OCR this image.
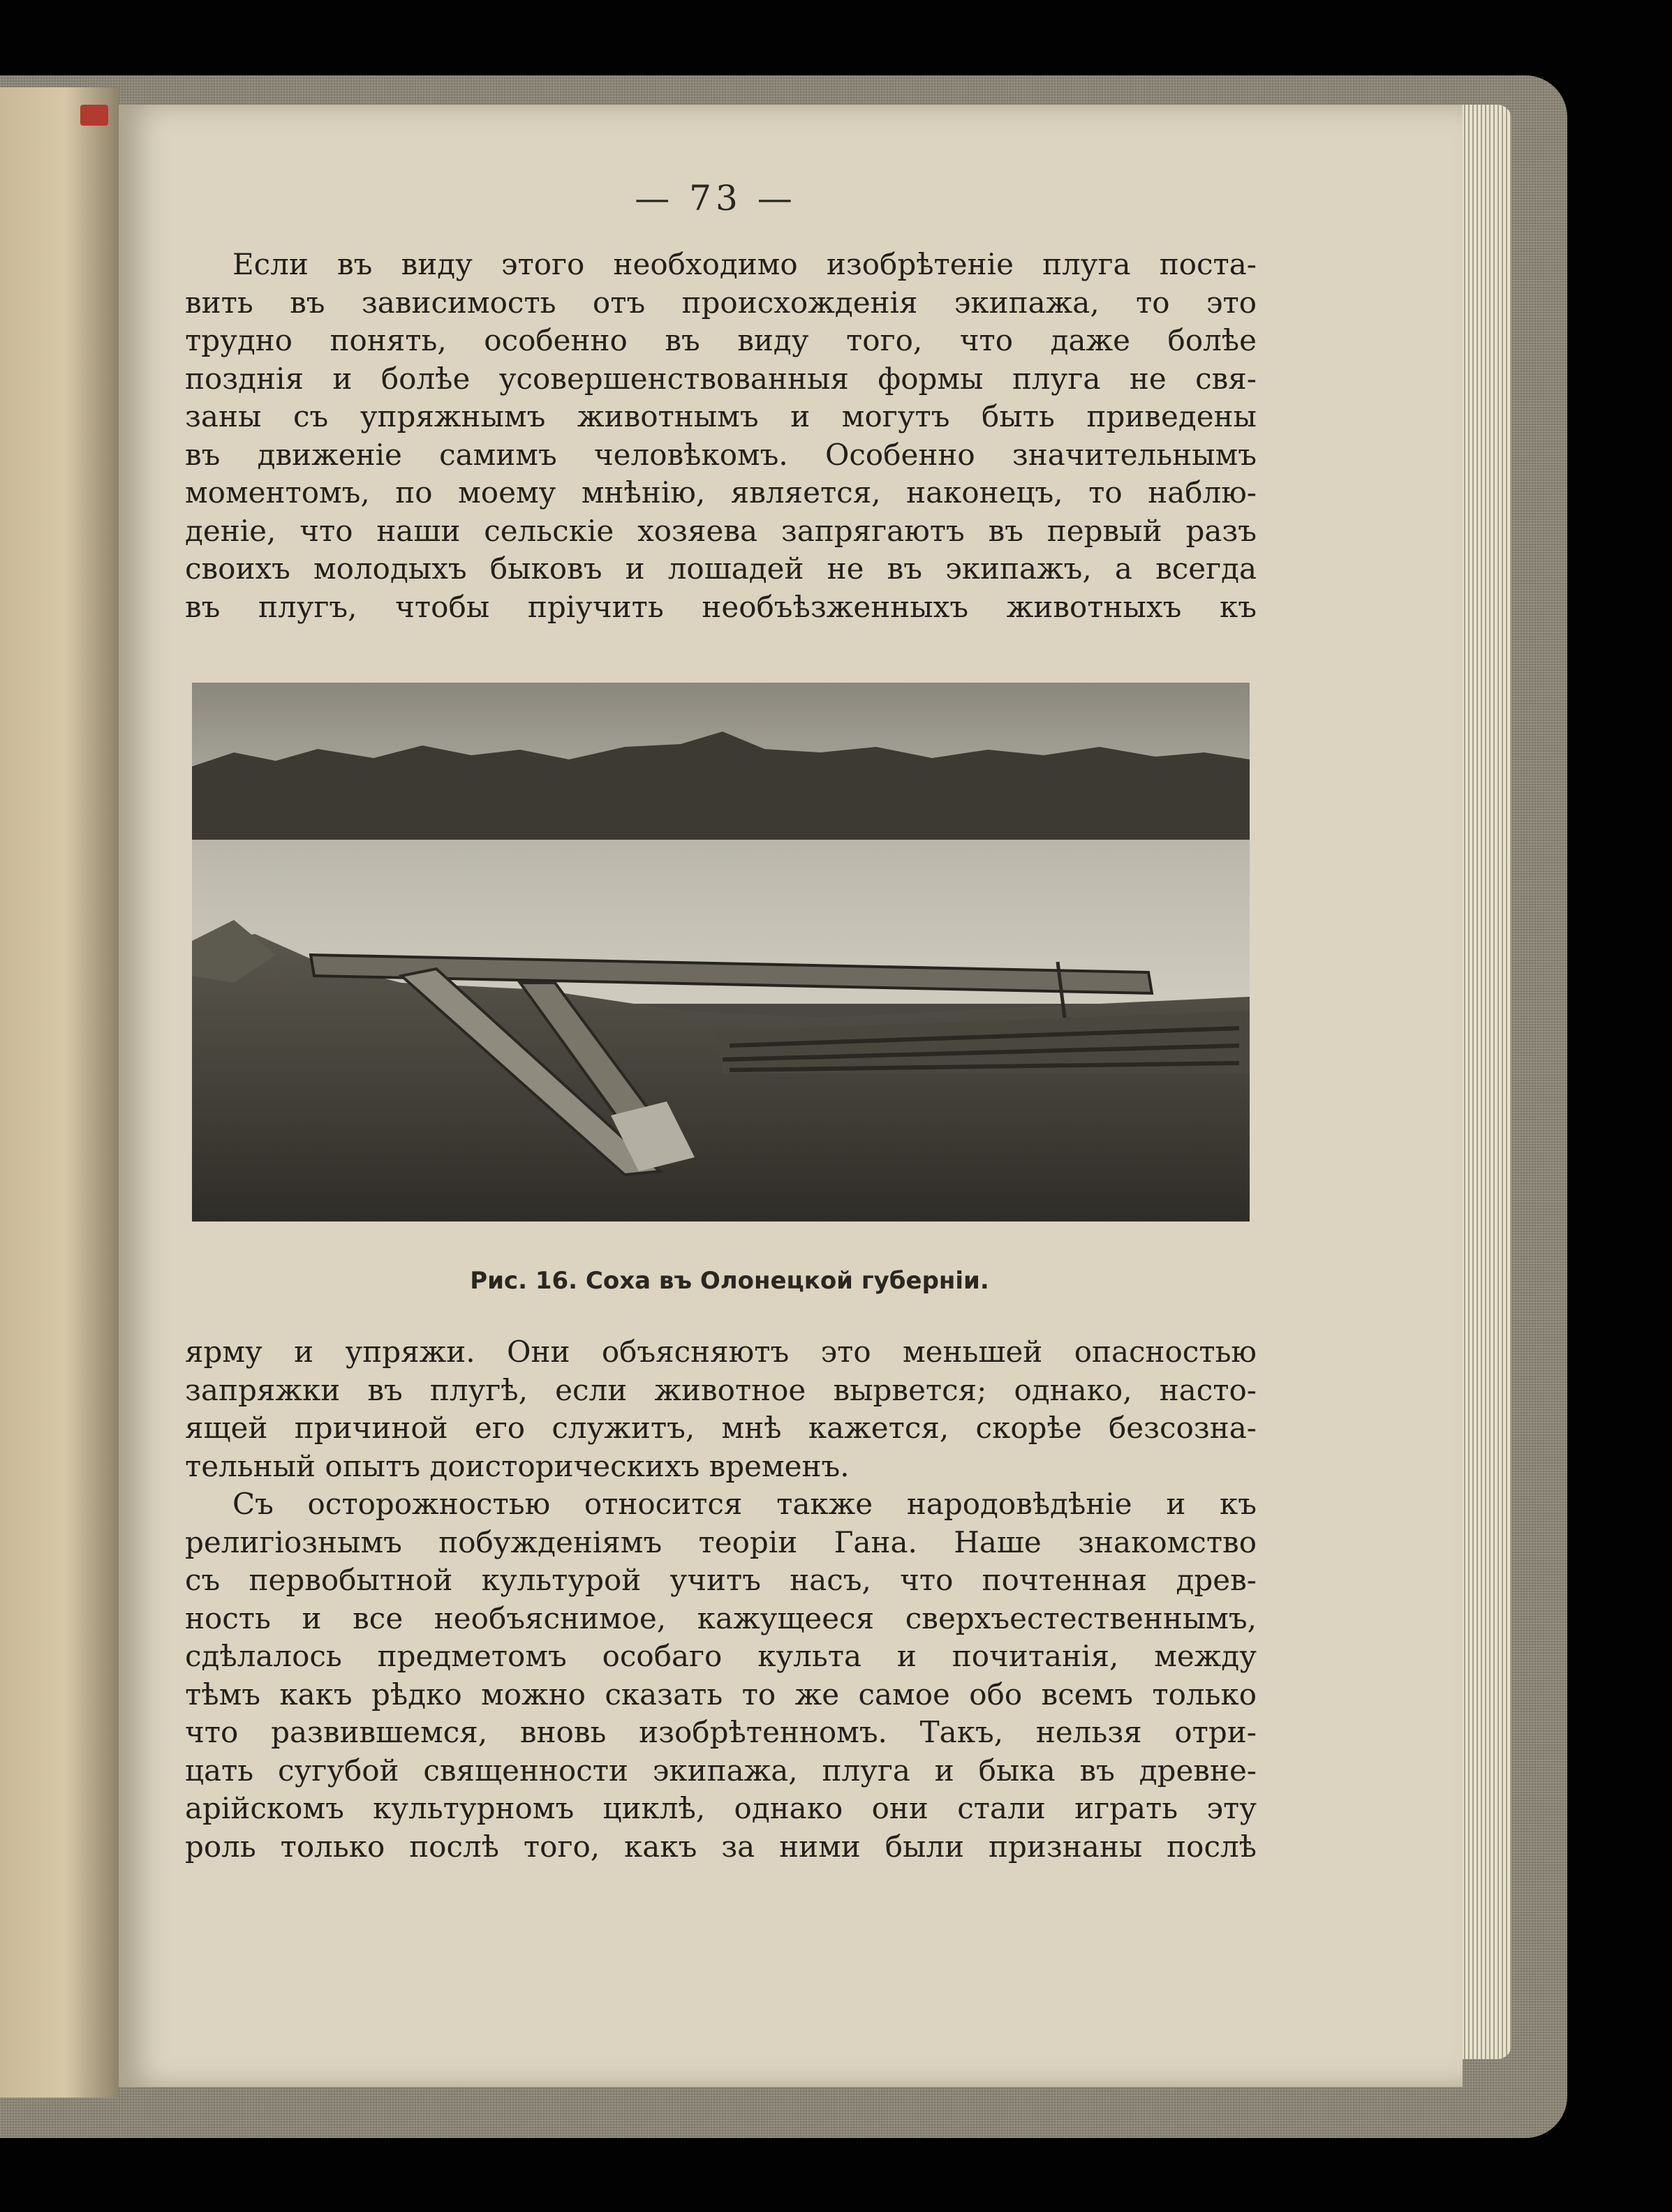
— 73 —
Если въ виду этого необходимо изобрѣтеніе плуга поста-
вить въ зависимость отъ происхожденія экипажа, то это
трудно понять, особенно въ виду того, что даже болѣе
позднія и болѣе усовершенствованныя формы плуга не свя-
заны съ упряжнымъ животнымъ и могутъ быть приведены
въ движеніе самимъ человѣкомъ. Особенно значительнымъ
моментомъ, по моему мнѣнію, является, наконецъ, то наблю-
деніе, что наши сельскіе хозяева запрягаютъ въ первый разъ
своихъ молодыхъ быковъ и лошадей не въ экипажъ, а всегда
въ плугъ, чтобы пріучить необъѣзженныхъ животныхъ къ
Рис. 16. Соха въ Олонецкой губерніи.
ярму и упряжи. Они объясняютъ это меньшей опасностью
запряжки въ плугѣ, если животное вырвется; однако, насто-
ящей причиной его служитъ, мнѣ кажется, скорѣе безсозна-
тельный опытъ доисторическихъ временъ.
Съ осторожностью относится также народовѣдѣніе и къ
религіознымъ побужденіямъ теоріи Гана. Наше знакомство
съ первобытной культурой учитъ насъ, что почтенная древ-
ность и все необъяснимое, кажущееся сверхъестественнымъ,
сдѣлалось предметомъ особаго культа и почитанія, между
тѣмъ какъ рѣдко можно сказать то же самое обо всемъ только
что развившемся, вновь изобрѣтенномъ. Такъ, нельзя отри-
цать сугубой священности экипажа, плуга и быка въ древне-
арійскомъ культурномъ циклѣ, однако они стали играть эту
роль только послѣ того, какъ за ними были признаны послѣ
